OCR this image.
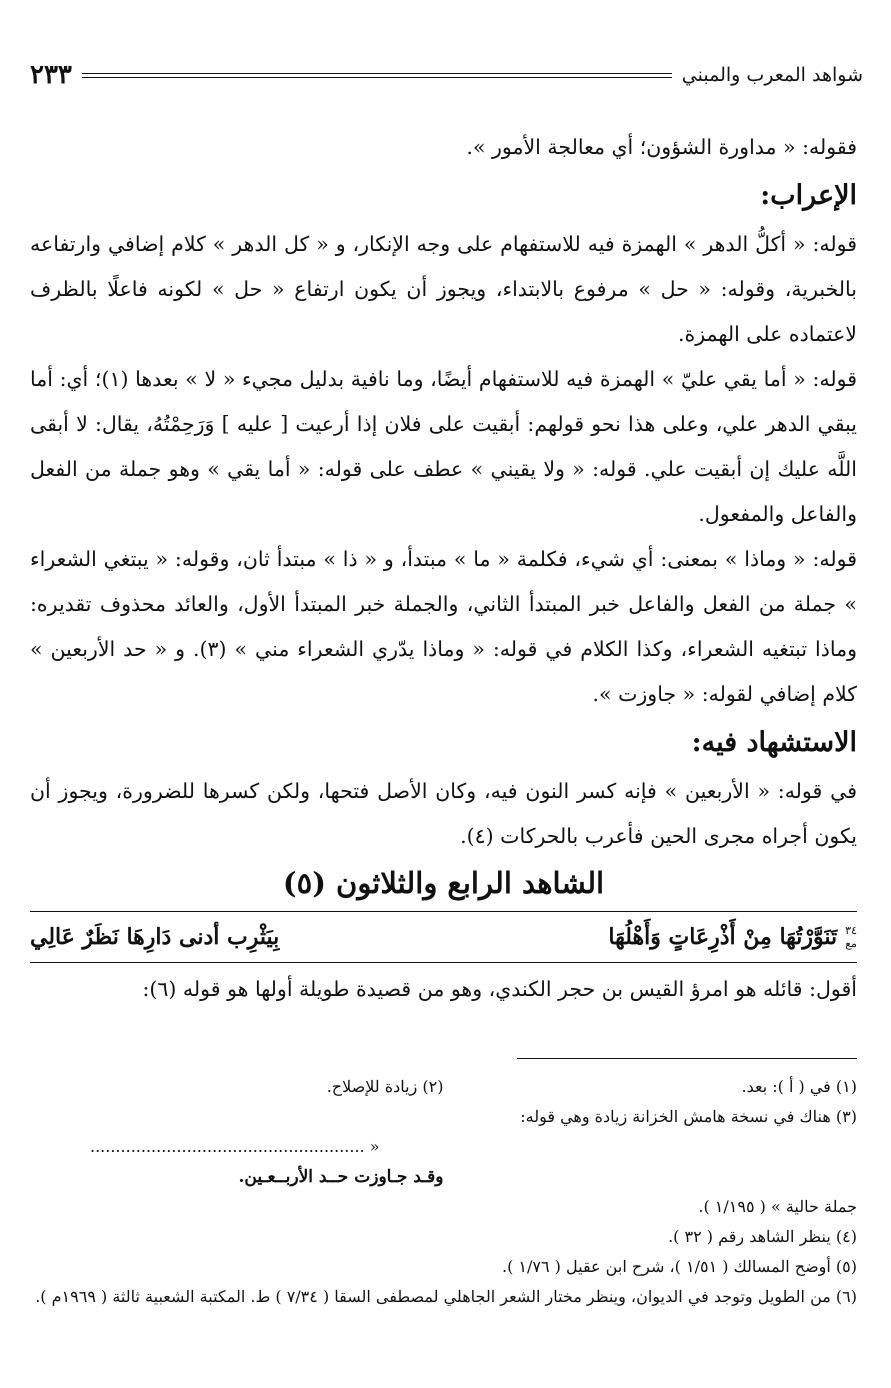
شواهد المعرب والمبني
٢٣٣

فقوله: « مداورة الشؤون؛ أي معالجة الأمور ».

الإعراب:

قوله: « أكلُّ الدهر » الهمزة فيه للاستفهام على وجه الإنكار، و « كل الدهر » كلام إضافي وارتفاعه بالخبرية، وقوله: « حل » مرفوع بالابتداء، ويجوز أن يكون ارتفاع « حل » لكونه فاعلًا بالظرف لاعتماده على الهمزة.

قوله: « أما يقي عليّ » الهمزة فيه للاستفهام أيضًا، وما نافية بدليل مجيء « لا » بعدها (١)؛ أي: أما يبقي الدهر علي، وعلى هذا نحو قولهم: أبقيت على فلان إذا أرعيت [ عليه ] وَرَحِمْتُهُ، يقال: لا أبقى اللَّه عليك إن أبقيت علي. قوله: « ولا يقيني » عطف على قوله: « أما يقي » وهو جملة من الفعل والفاعل والمفعول.

قوله: « وماذا » بمعنى: أي شيء، فكلمة « ما » مبتدأ، و « ذا » مبتدأ ثان، وقوله: « يبتغي الشعراء » جملة من الفعل والفاعل خبر المبتدأ الثاني، والجملة خبر المبتدأ الأول، والعائد محذوف تقديره: وماذا تبتغيه الشعراء، وكذا الكلام في قوله: « وماذا يدّري الشعراء مني » (٣). و « حد الأربعين » كلام إضافي لقوله: « جاوزت ».

الاستشهاد فيه:

في قوله: « الأربعين » فإنه كسر النون فيه، وكان الأصل فتحها، ولكن كسرها للضرورة، ويجوز أن يكون أجراه مجرى الحين فأعرب بالحركات (٤).

الشاهد الرابع والثلاثون (٥)
٣٤
مع
تَنَوَّرْتُهَا مِنْ أَذْرِعَاتٍ وَأَهْلُهَا
بِيَثْرِب أدنى دَارِهَا نَظَرٌ عَالِي

أقول: قائله هو امرؤ القيس بن حجر الكندي، وهو من قصيدة طويلة أولها هو قوله (٦):

(١) في ( أ ): بعد.
(٢) زيادة للإصلاح.
(٣) هناك في نسخة هامش الخزانة زيادة وهي قوله:
« ......................................................
وقـد جـاوزت حــد الأربــعـين.
جملة حالية » ( ١/١٩٥ ).
(٤) ينظر الشاهد رقم ( ٣٢ ).
(٥) أوضح المسالك ( ١/٥١ )، شرح ابن عقيل ( ١/٧٦ ).
(٦) من الطويل وتوجد في الديوان، وينظر مختار الشعر الجاهلي لمصطفى السقا ( ٧/٣٤ ) ط. المكتبة الشعبية ثالثة ( ١٩٦٩م ).
